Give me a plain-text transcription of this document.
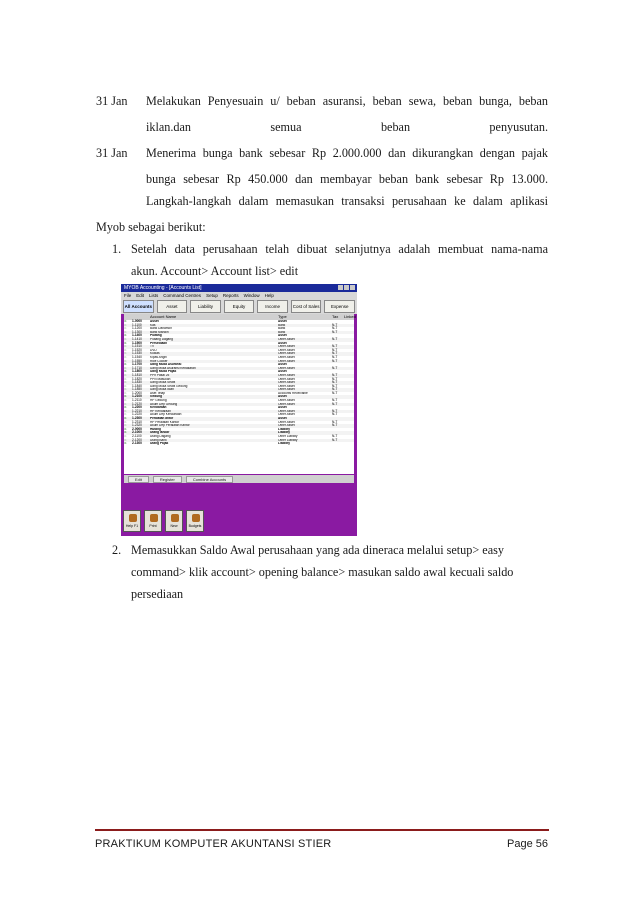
31 Jan Melakukan Penyesuain u/ beban asuransi, beban sewa, beban bunga, beban
iklan.dan semua beban penyusutan.
31 Jan Menerima bunga bank sebesar Rp 2.000.000 dan dikurangkan dengan pajak
bunga sebesar Rp 450.000 dan membayar beban bank sebesar Rp 13.000.
Langkah-langkah dalam memasukan transaksi perusahaan ke dalam aplikasi
Myob sebagai berikut:
1. Setelah data perusahaan telah dibuat selanjutnya adalah membuat nama-nama
akun. Account> Account list> edit
MYOB Accounting - [Accounts List]
File Edit Lists Command Centres Setup Reports Window Help
All Accounts	Asset	Liability	Equity	Income	Cost of Sales	Expense
Account Name	Type	Tax	Linked
⇨	1-0000	Asset	Asset
⇨	1-1100	Kas	Bank	N-T
⇨	1-1200	Bank Danamon	Bank	N-T
⇨	1-1300	Bank Mandiri	Bank	N-T
⇨	1-1400	Piutang	Asset
⇨	1-1410	Piutang Dagang	Other Asset	N-T
⇨	1-1500	Persediaan	Asset
⇨	1-1510	TV	Other Asset	N-T
⇨	1-1520	DVD	Other Asset	N-T
⇨	1-1530	Kulkas	Other Asset	N-T
⇨	1-1540	Kipas Angin	Other Asset	N-T
⇨	1-1550	Rice Cooker	Other Asset	N-T
⇨	1-1700	Uang Muka Asuransi	Asset
⇨	1-1710	Uang Muka Asuransi Kebakaran	Other Asset	N-T
⇨	1-1800	Uang Muka Pajak	Asset
⇨	1-1810	PPh Pasal 25	Other Asset	N-T
⇨	1-1820	PPN Masukan	Other Asset	N-T
⇨	1-1830	Uang Muka Sewa	Other Asset	N-T
⇨	1-1840	Uang Muka Sewa Gedung	Other Asset	N-T
⇨	1-1850	Uang Muka Iklan	Other Asset	N-T
⇨	1-2000	Aset Tetap	Accounts Receivable	N-T
⇨	1-2100	Gedung	Asset
⇨	1-2110	HP Gedung	Other Asset	N-T
⇨	1-2120	Akum Dep Gedung	Other Asset	N-T
⇨	1-2200	Kendaraan	Asset
⇨	1-2210	HP Kendaraan	Other Asset	N-T
⇨	1-2220	Akum Dep Kendaraan	Other Asset	N-T
⇨	1-2300	Peralatan antor	Asset
⇨	1-2310	HP Peralatan Kantor	Other Asset	N-T
⇨	1-2320	Akum Dep Peralatan Kantor	Other Asset	N-T
⇨	2-0000	Hutang	Liability
⇨	2-1000	Utang lancar	Liability
⇨	2-1100	Utang Dagang	Other Liability	N-T
⇨	2-1200	Utang Bank	Other Liability	N-T
⇨	2-1300	Utang Pajak	Liability
Edit	Register	Combine Accounts
Help F1	Print	New	Budgets
2. Memasukkan Saldo Awal perusahaan yang ada dineraca melalui setup> easy
command> klik account> opening balance> masukan saldo awal kecuali saldo
persediaan
PRAKTIKUM KOMPUTER AKUNTANSI STIER	Page 56
